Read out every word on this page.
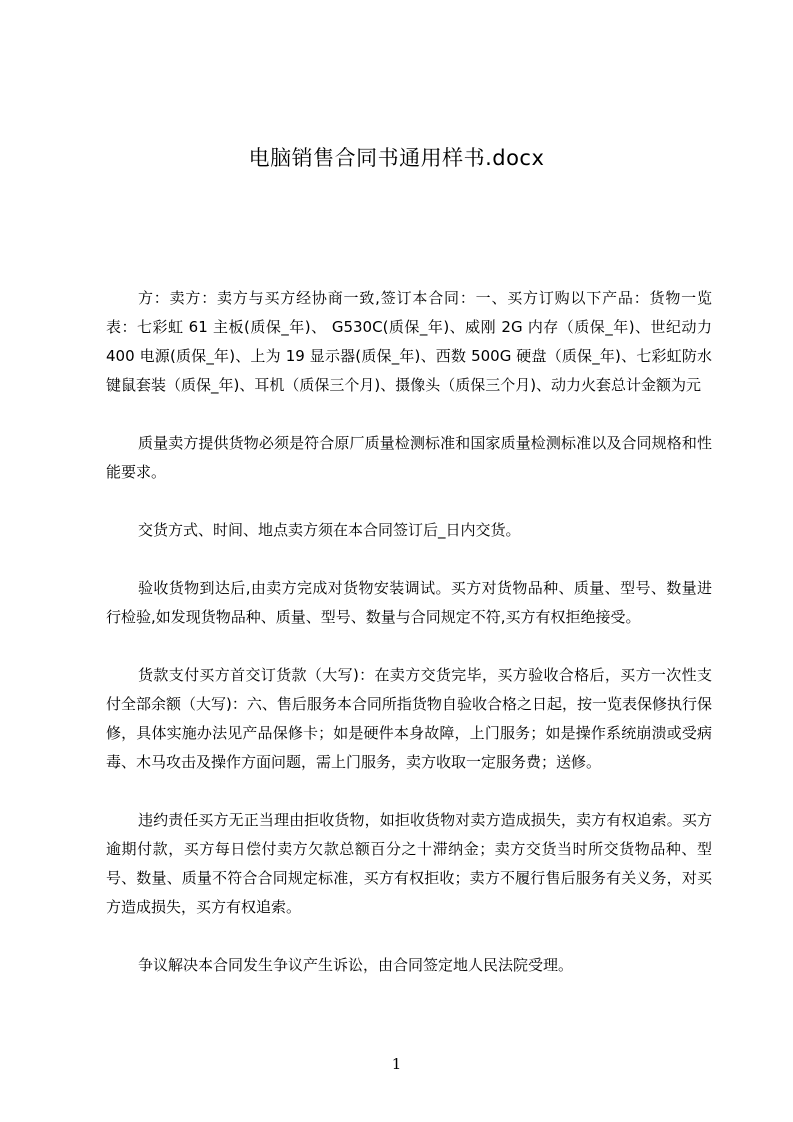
电脑销售合同书通用样书.docx

方：卖方：卖方与买方经协商一致,签订本合同：一、买方订购以下产品：货物一览表：七彩虹 61 主板(质保_年)、 G530C(质保_年)、威刚 2G 内存（质保_年)、世纪动力 400 电源(质保_年)、上为 19 显示器(质保_年)、西数 500G 硬盘（质保_年)、七彩虹防水键鼠套装（质保_年)、耳机（质保三个月)、摄像头（质保三个月)、动力火套总计金额为元

质量卖方提供货物必须是符合原厂质量检测标准和国家质量检测标准以及合同规格和性能要求。

交货方式、时间、地点卖方须在本合同签订后_日内交货。

验收货物到达后,由卖方完成对货物安装调试。买方对货物品种、质量、型号、数量进行检验,如发现货物品种、质量、型号、数量与合同规定不符,买方有权拒绝接受。

货款支付买方首交订货款（大写)：在卖方交货完毕，买方验收合格后，买方一次性支付全部余额（大写)：六、售后服务本合同所指货物自验收合格之日起，按一览表保修执行保修，具体实施办法见产品保修卡；如是硬件本身故障，上门服务；如是操作系统崩溃或受病毒、木马攻击及操作方面问题，需上门服务，卖方收取一定服务费；送修。

违约责任买方无正当理由拒收货物，如拒收货物对卖方造成损失，卖方有权追索。买方逾期付款，买方每日偿付卖方欠款总额百分之十滞纳金；卖方交货当时所交货物品种、型号、数量、质量不符合合同规定标准，买方有权拒收；卖方不履行售后服务有关义务，对买方造成损失，买方有权追索。

争议解决本合同发生争议产生诉讼，由合同签定地人民法院受理。

1
